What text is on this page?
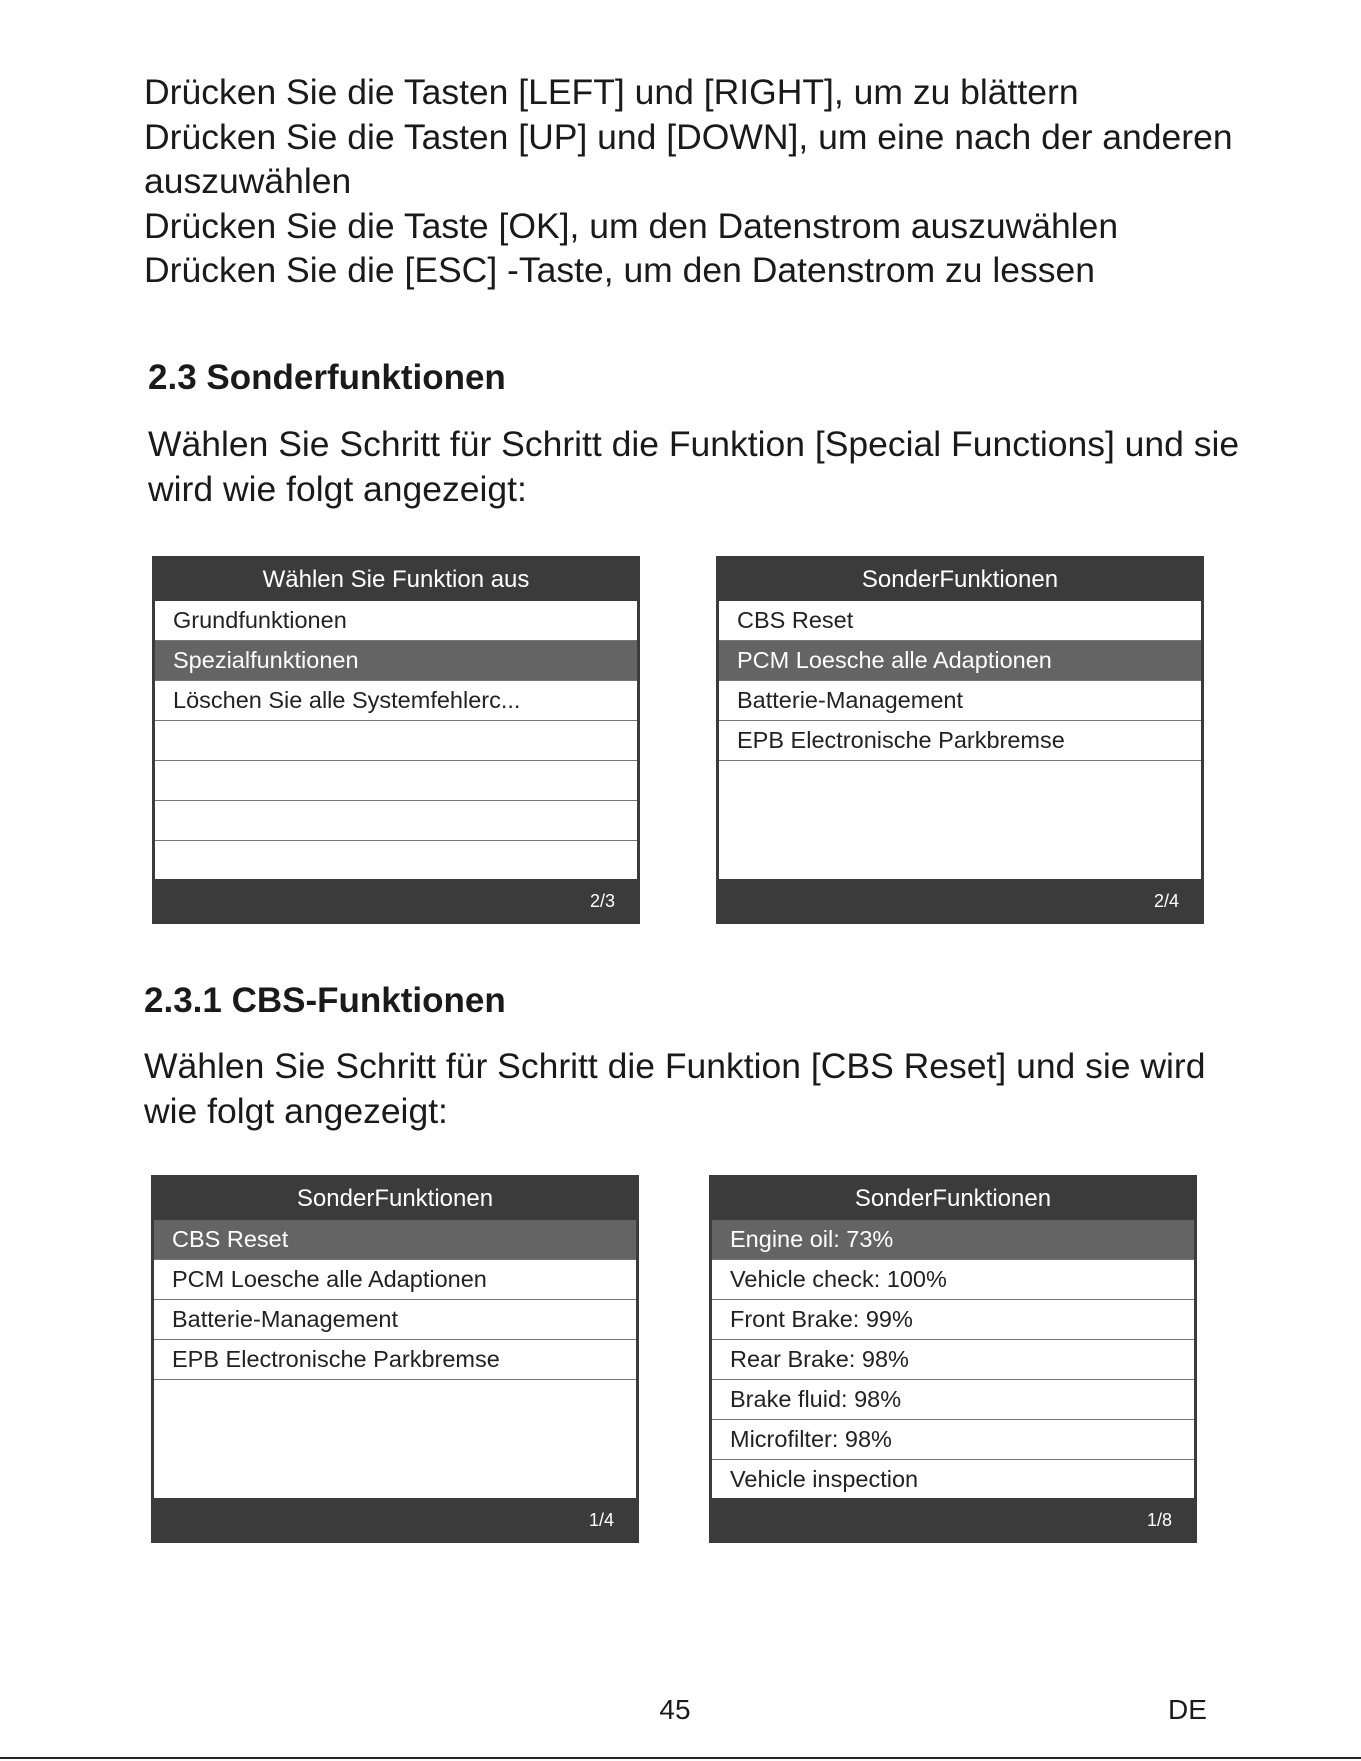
Drücken Sie die Tasten [LEFT] und [RIGHT], um zu blättern

Drücken Sie die Tasten [UP] und [DOWN], um eine nach der anderen auszuwählen

Drücken Sie die Taste [OK], um den Datenstrom auszuwählen

Drücken Sie die [ESC] -Taste, um den Datenstrom zu lessen

2.3 Sonderfunktionen

Wählen Sie Schritt für Schritt die Funktion [Special Functions] und sie wird wie folgt angezeigt:

Wählen Sie Funktion aus
Grundfunktionen
Spezialfunktionen
Löschen Sie alle Systemfehlerc...
2/3
SonderFunktionen
CBS Reset
PCM Loesche alle Adaptionen
Batterie-Management
EPB Electronische Parkbremse
2/4
2.3.1 CBS-Funktionen

Wählen Sie Schritt für Schritt die Funktion [CBS Reset] und sie wird wie folgt angezeigt:

SonderFunktionen
CBS Reset
PCM Loesche alle Adaptionen
Batterie-Management
EPB Electronische Parkbremse
1/4
SonderFunktionen
Engine oil: 73%
Vehicle check: 100%
Front Brake: 99%
Rear Brake: 98%
Brake fluid: 98%
Microfilter: 98%
Vehicle inspection
1/8
45	DE
